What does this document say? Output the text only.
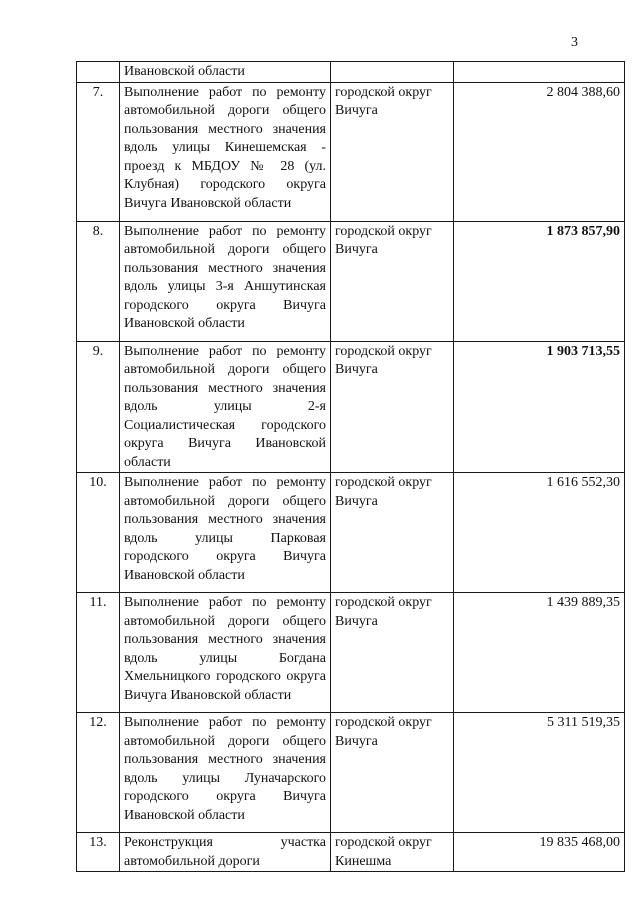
3
	Ивановской области		
7.	Выполнение работ по ремонту автомобильной дороги общего пользования местного значения вдоль улицы Кинешемская - проезд к МБДОУ № 28 (ул. Клубная) городского округа Вичуга Ивановской области	городской округ Вичуга	2 804 388,60
8.	Выполнение работ по ремонту автомобильной дороги общего пользования местного значения вдоль улицы 3-я Аншутинская городского округа Вичуга Ивановской области	городской округ Вичуга	1 873 857,90
9.	Выполнение работ по ремонту автомобильной дороги общего пользования местного значения вдоль улицы 2-я Социалистическая городского округа Вичуга Ивановской области	городской округ Вичуга	1 903 713,55
10.	Выполнение работ по ремонту автомобильной дороги общего пользования местного значения вдоль улицы Парковая городского округа Вичуга Ивановской области	городской округ Вичуга	1 616 552,30
11.	Выполнение работ по ремонту автомобильной дороги общего пользования местного значения вдоль улицы Богдана Хмельницкого городского округа Вичуга Ивановской области	городской округ Вичуга	1 439 889,35
12.	Выполнение работ по ремонту автомобильной дороги общего пользования местного значения вдоль улицы Луначарского городского округа Вичуга Ивановской области	городской округ Вичуга	5 311 519,35
13.	Реконструкция участка автомобильной дороги	городской округ Кинешма	19 835 468,00
